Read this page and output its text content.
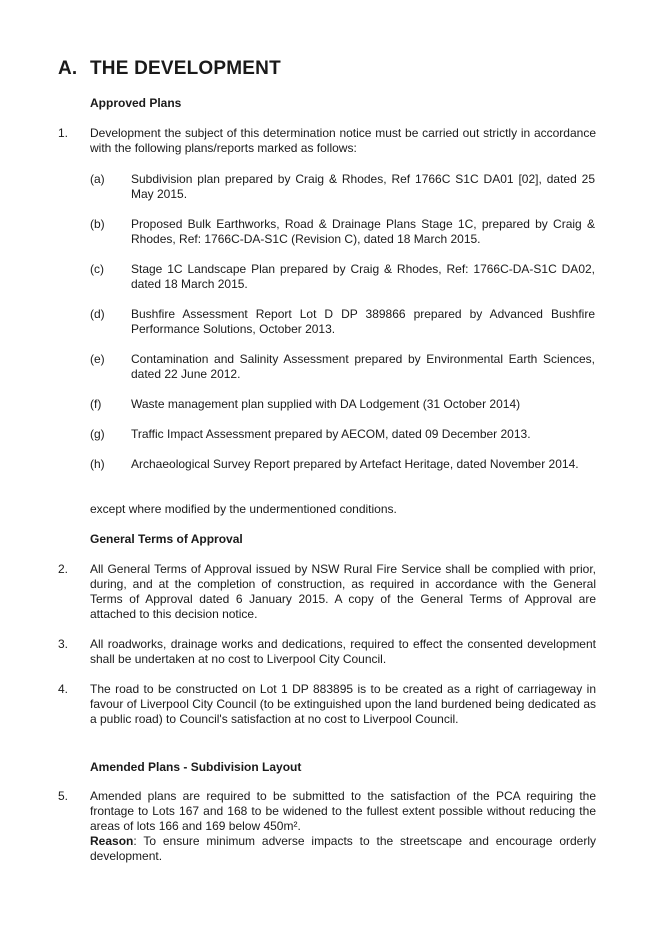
A. THE DEVELOPMENT
Approved Plans
1. Development the subject of this determination notice must be carried out strictly in accordance with the following plans/reports marked as follows:
(a) Subdivision plan prepared by Craig & Rhodes, Ref 1766C S1C DA01 [02], dated 25 May 2015.
(b) Proposed Bulk Earthworks, Road & Drainage Plans Stage 1C, prepared by Craig & Rhodes, Ref: 1766C-DA-S1C (Revision C), dated 18 March 2015.
(c) Stage 1C Landscape Plan prepared by Craig & Rhodes, Ref: 1766C-DA-S1C DA02, dated 18 March 2015.
(d) Bushfire Assessment Report Lot D DP 389866 prepared by Advanced Bushfire Performance Solutions, October 2013.
(e) Contamination and Salinity Assessment prepared by Environmental Earth Sciences, dated 22 June 2012.
(f) Waste management plan supplied with DA Lodgement (31 October 2014)
(g) Traffic Impact Assessment prepared by AECOM, dated 09 December 2013.
(h) Archaeological Survey Report prepared by Artefact Heritage, dated November 2014.
except where modified by the undermentioned conditions.
General Terms of Approval
2. All General Terms of Approval issued by NSW Rural Fire Service shall be complied with prior, during, and at the completion of construction, as required in accordance with the General Terms of Approval dated 6 January 2015. A copy of the General Terms of Approval are attached to this decision notice.
3. All roadworks, drainage works and dedications, required to effect the consented development shall be undertaken at no cost to Liverpool City Council.
4. The road to be constructed on Lot 1 DP 883895 is to be created as a right of carriageway in favour of Liverpool City Council (to be extinguished upon the land burdened being dedicated as a public road) to Council's satisfaction at no cost to Liverpool Council.
Amended Plans - Subdivision Layout
5. Amended plans are required to be submitted to the satisfaction of the PCA requiring the frontage to Lots 167 and 168 to be widened to the fullest extent possible without reducing the areas of lots 166 and 169 below 450m².
Reason: To ensure minimum adverse impacts to the streetscape and encourage orderly development.
